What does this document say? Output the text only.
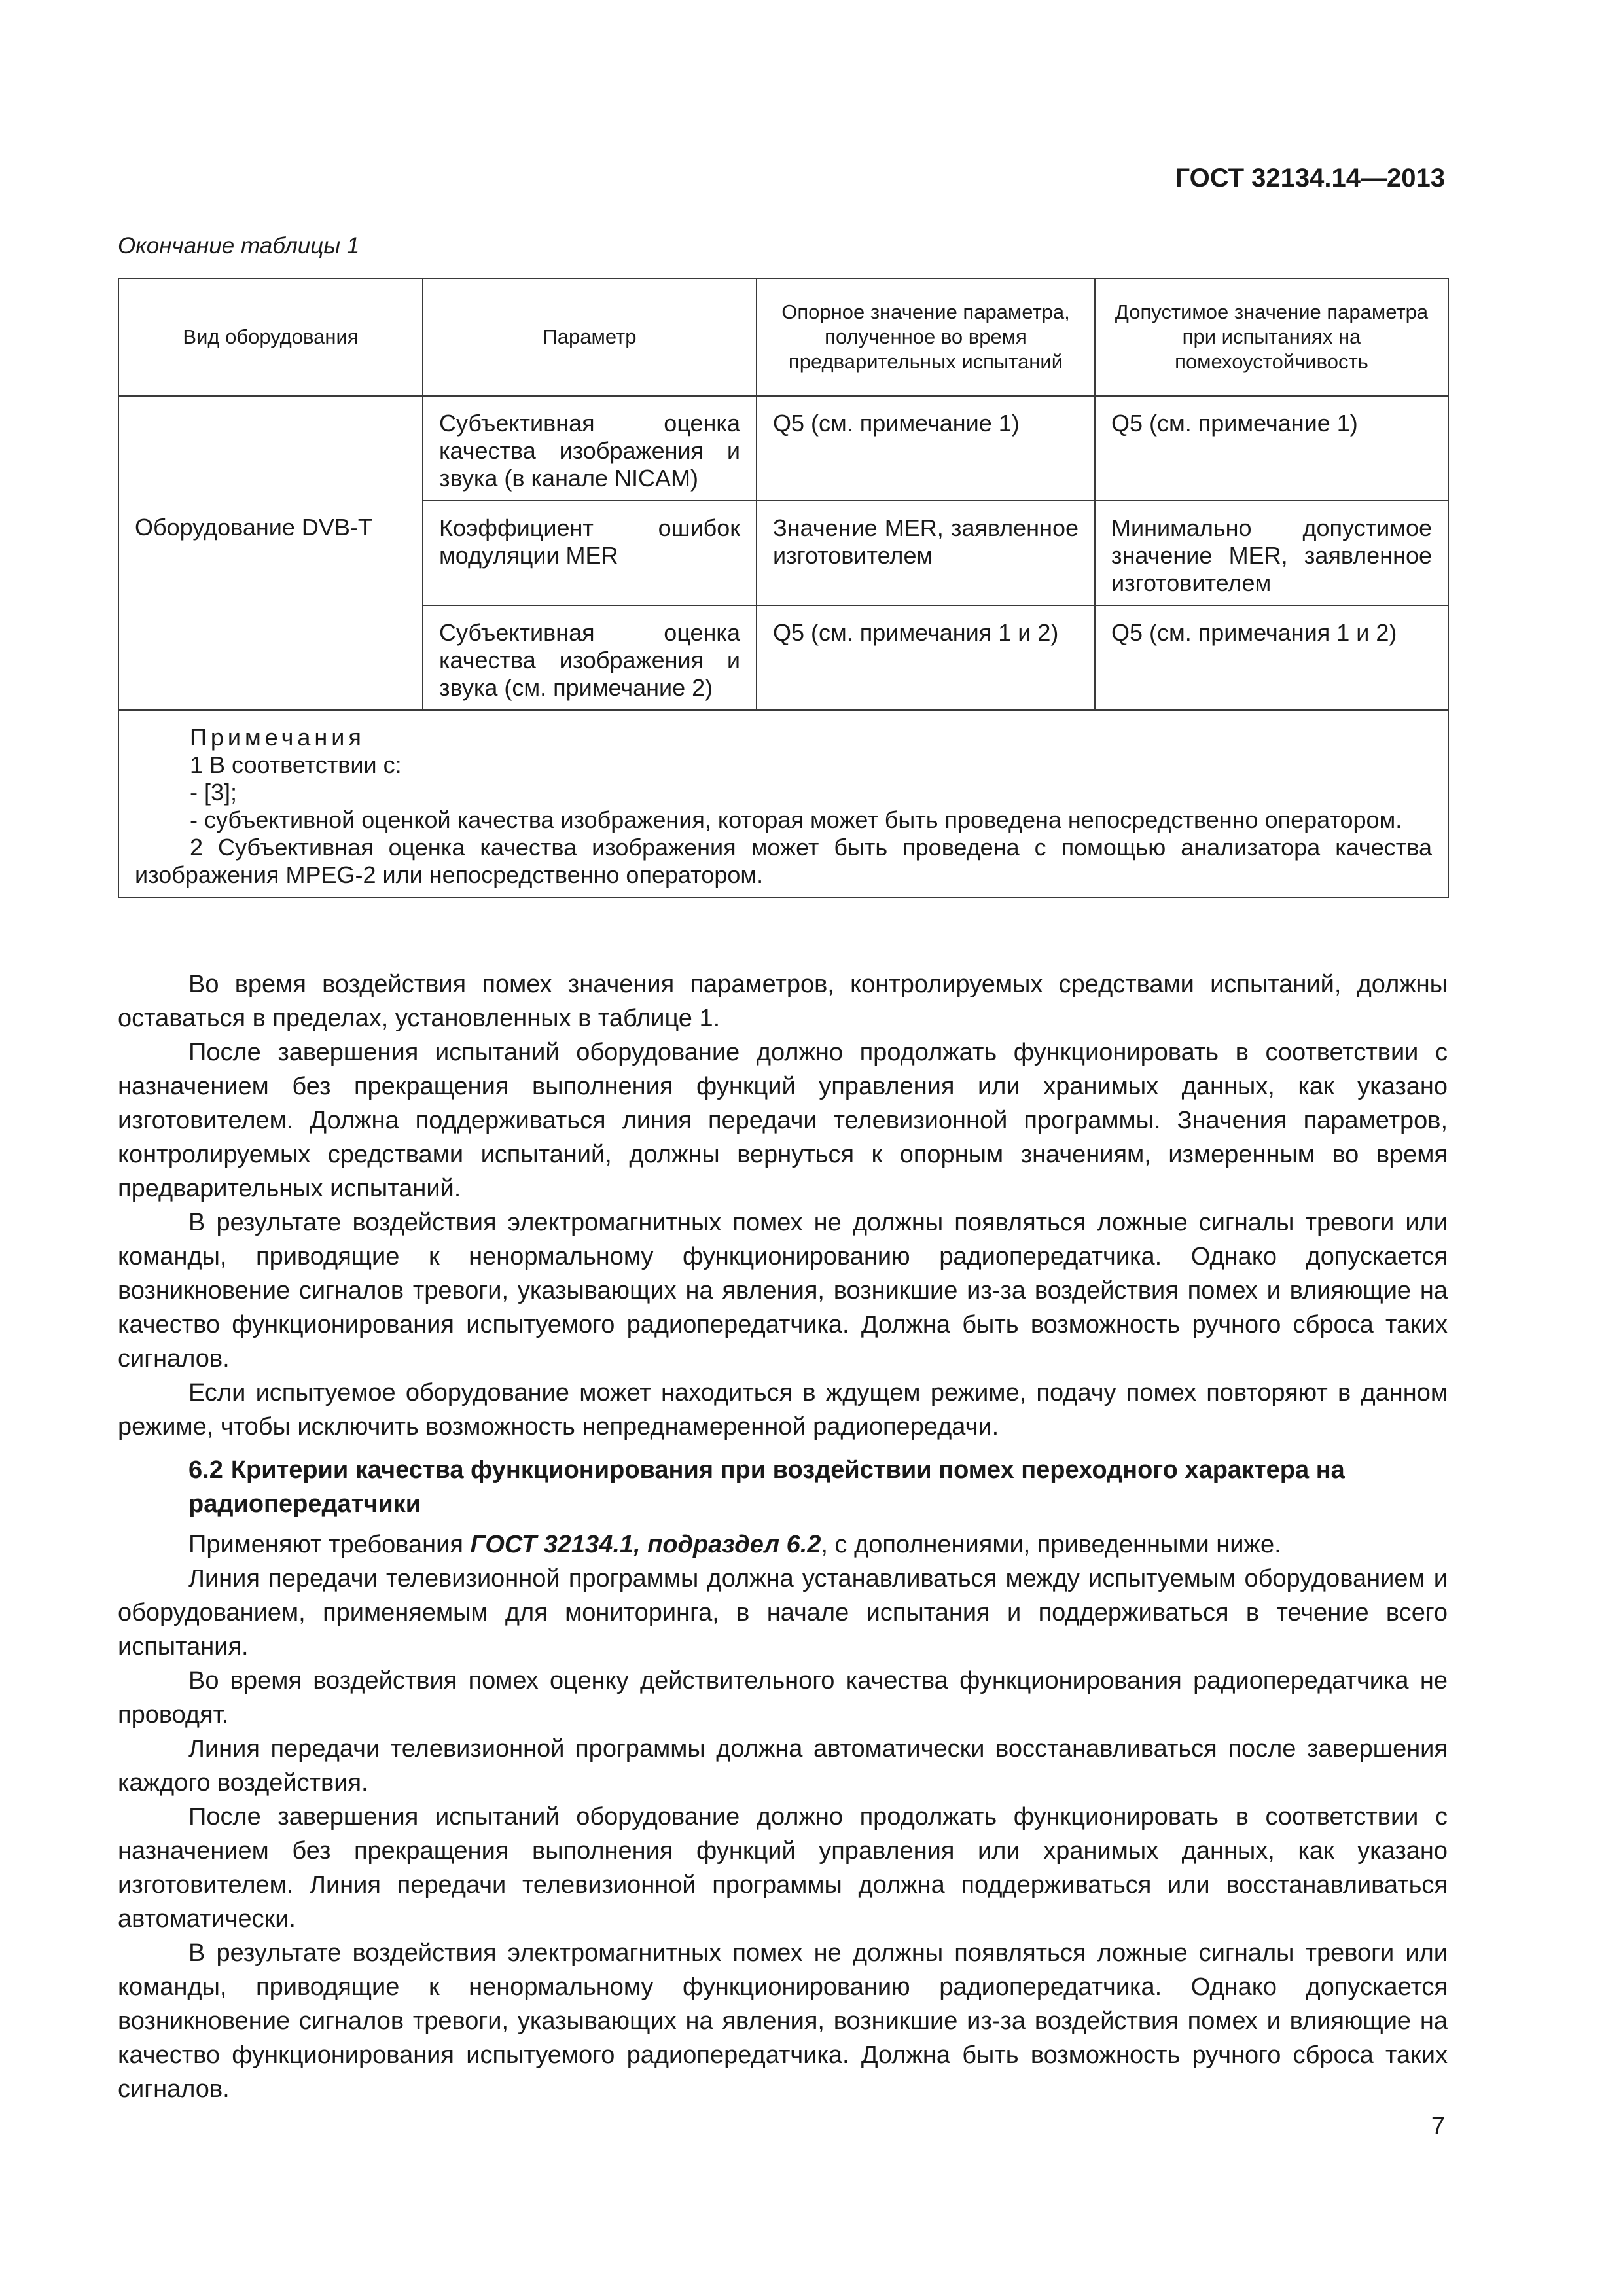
ГОСТ 32134.14—2013
Окончание таблицы 1
Вид оборудования	Параметр	Опорное значение параметра, полученное во время предварительных испытаний	Допустимое значение параметра при испытаниях на помехоустойчивость
	Субъективная оценка качества изображения и звука (в канале NICAM)	Q5 (см. примечание 1)	Q5 (см. примечание 1)
Оборудование DVB-T	Коэффициент ошибок модуляции MER	Значение MER, заявленное изготовителем	Минимально допустимое значение MER, заявленное изготовителем
	Субъективная оценка качества изображения и звука (см. примечание 2)	Q5 (см. примечания 1 и 2)	Q5 (см. примечания 1 и 2)

Примечания

1 В соответствии с:

- [3];

- субъективной оценкой качества изображения, которая может быть проведена непосредственно оператором.

2 Субъективная оценка качества изображения может быть проведена с помощью анализатора качества изображения MPEG-2 или непосредственно оператором.			

Во время воздействия помех значения параметров, контролируемых средствами испытаний, должны оставаться в пределах, установленных в таблице 1.

После завершения испытаний оборудование должно продолжать функционировать в соответствии с назначением без прекращения выполнения функций управления или хранимых данных, как указано изготовителем. Должна поддерживаться линия передачи телевизионной программы. Значения параметров, контролируемых средствами испытаний, должны вернуться к опорным значениям, измеренным во время предварительных испытаний.

В результате воздействия электромагнитных помех не должны появляться ложные сигналы тревоги или команды, приводящие к ненормальному функционированию радиопередатчика. Однако допускается возникновение сигналов тревоги, указывающих на явления, возникшие из-за воздействия помех и влияющие на качество функционирования испытуемого радиопередатчика. Должна быть возможность ручного сброса таких сигналов.

Если испытуемое оборудование может находиться в ждущем режиме, подачу помех повторяют в данном режиме, чтобы исключить возможность непреднамеренной радиопередачи.

6.2 Критерии качества функционирования при воздействии помех переходного характера на радиопередатчики

Применяют требования ГОСТ 32134.1, подраздел 6.2, с дополнениями, приведенными ниже.

Линия передачи телевизионной программы должна устанавливаться между испытуемым оборудованием и оборудованием, применяемым для мониторинга, в начале испытания и поддерживаться в течение всего испытания.

Во время воздействия помех оценку действительного качества функционирования радиопередатчика не проводят.

Линия передачи телевизионной программы должна автоматически восстанавливаться после завершения каждого воздействия.

После завершения испытаний оборудование должно продолжать функционировать в соответствии с назначением без прекращения выполнения функций управления или хранимых данных, как указано изготовителем. Линия передачи телевизионной программы должна поддерживаться или восстанавливаться автоматически.

В результате воздействия электромагнитных помех не должны появляться ложные сигналы тревоги или команды, приводящие к ненормальному функционированию радиопередатчика. Однако допускается возникновение сигналов тревоги, указывающих на явления, возникшие из-за воздействия помех и влияющие на качество функционирования испытуемого радиопередатчика. Должна быть возможность ручного сброса таких сигналов.

7
